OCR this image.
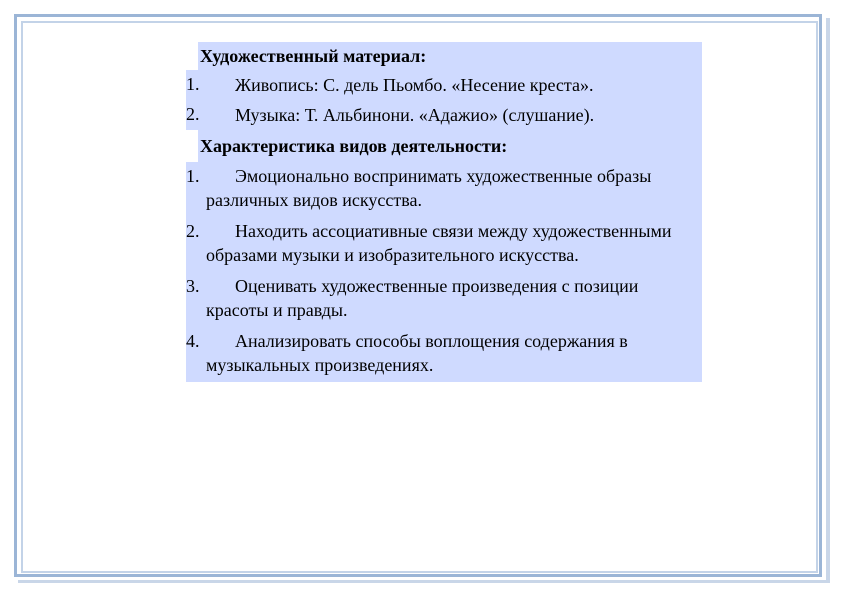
Художественный материал:
1. Живопись: С. дель Пьомбо. «Несение креста».
2. Музыка: Т. Альбинони. «Адажио» (слушание).
Характеристика видов деятельности:
1. Эмоционально воспринимать художественные образы различных видов искусства.
2. Находить ассоциативные связи между художественными образами музыки и изобразительного искусства.
3. Оценивать художественные произведения с позиции красоты и правды.
4. Анализировать способы воплощения содержания в музыкальных произведениях.
